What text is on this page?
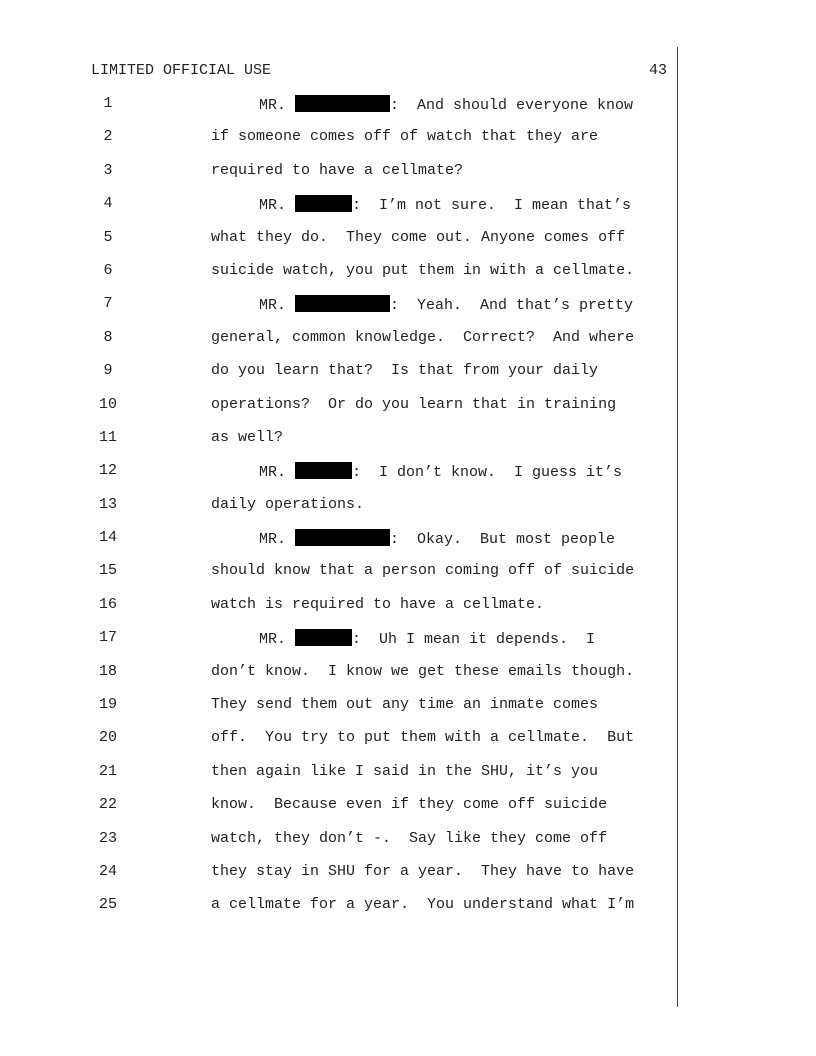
LIMITED OFFICIAL USE	43
1	MR.	:  And should everyone know
2	if someone comes off of watch that they are
3	required to have a cellmate?
4	MR.	:  I’m not sure.  I mean that’s
5	what they do.  They come out. Anyone comes off
6	suicide watch, you put them in with a cellmate.
7	MR.	:  Yeah.  And that’s pretty
8	general, common knowledge.  Correct?  And where
9	do you learn that?  Is that from your daily
10	operations?  Or do you learn that in training
11	as well?
12	MR.	:  I don’t know.  I guess it’s
13	daily operations.
14	MR.	:  Okay.  But most people
15	should know that a person coming off of suicide
16	watch is required to have a cellmate.
17	MR.	:  Uh I mean it depends.  I
18	don’t know.  I know we get these emails though.
19	They send them out any time an inmate comes
20	off.  You try to put them with a cellmate.  But
21	then again like I said in the SHU, it’s you
22	know.  Because even if they come off suicide
23	watch, they don’t -.  Say like they come off
24	they stay in SHU for a year.  They have to have
25	a cellmate for a year.  You understand what I’m
